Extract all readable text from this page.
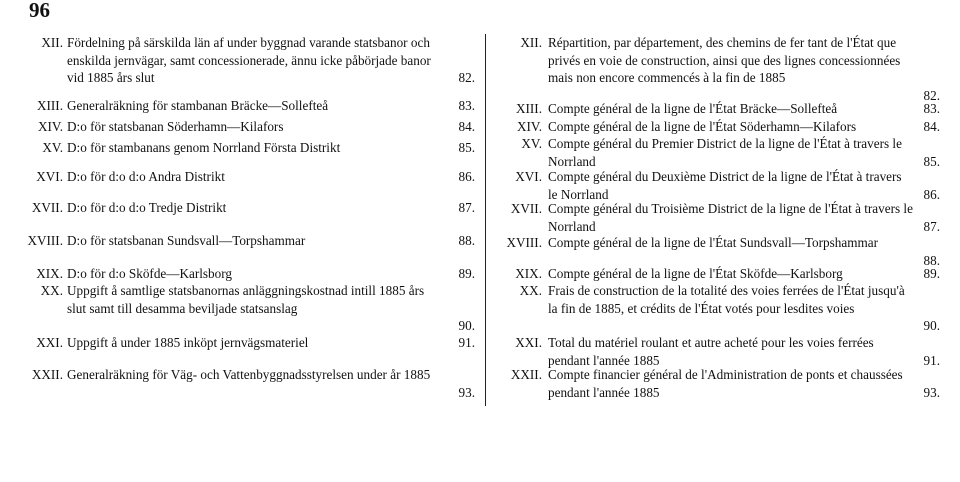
96
XII. Fördelning på särskilda län af under byggnad varande statsbanor och enskilda jernvägar, samt concessionerade, ännu icke påbörjade banor vid 1885 års slut	82.
XIII. Generalräkning för stambanan Bräcke—Sollefteå	83.
XIV. D:o för statsbanan Söderhamn—Kilafors	84.
XV. D:o för stambanans genom Norrland Första Distrikt	85.
XVI. D:o för d:o d:o Andra Distrikt	86.
XVII. D:o för d:o d:o Tredje Distrikt	87.
XVIII. D:o för statsbanan Sundsvall—Torpshammar	88.
XIX. D:o för d:o Sköfde—Karlsborg	89.
XX. Uppgift å samtlige statsbanornas anläggningskostnad intill 1885 års slut samt till desamma beviljade statsanslag
90.
XXI. Uppgift å under 1885 inköpt jernvägsmateriel	91.
XXII. Generalräkning för Väg- och Vattenbyggnadsstyrelsen under år 1885
93.
XII. Répartition, par département, des chemins de fer tant de l'État que privés en voie de construction, ainsi que des lignes concessionnées mais non encore commencés à la fin de 1885
82.
XIII. Compte général de la ligne de l'État Bräcke—Sollefteå	83.
XIV. Compte général de la ligne de l'État Söderhamn—Kilafors	84.
XV. Compte général du Premier District de la ligne de l'État à travers le Norrland	85.
XVI. Compte général du Deuxième District de la ligne de l'État à travers le Norrland	86.
XVII. Compte général du Troisième District de la ligne de l'État à travers le Norrland	87.
XVIII. Compte général de la ligne de l'État Sundsvall—Torpshammar
88.
XIX. Compte général de la ligne de l'État Sköfde—Karlsborg	89.
XX. Frais de construction de la totalité des voies ferrées de l'État jusqu'à la fin de 1885, et crédits de l'État votés pour lesdites voies
90.
XXI. Total du matériel roulant et autre acheté pour les voies ferrées pendant l'année 1885	91.
XXII. Compte financier général de l'Administration de ponts et chaussées pendant l'année 1885	93.
